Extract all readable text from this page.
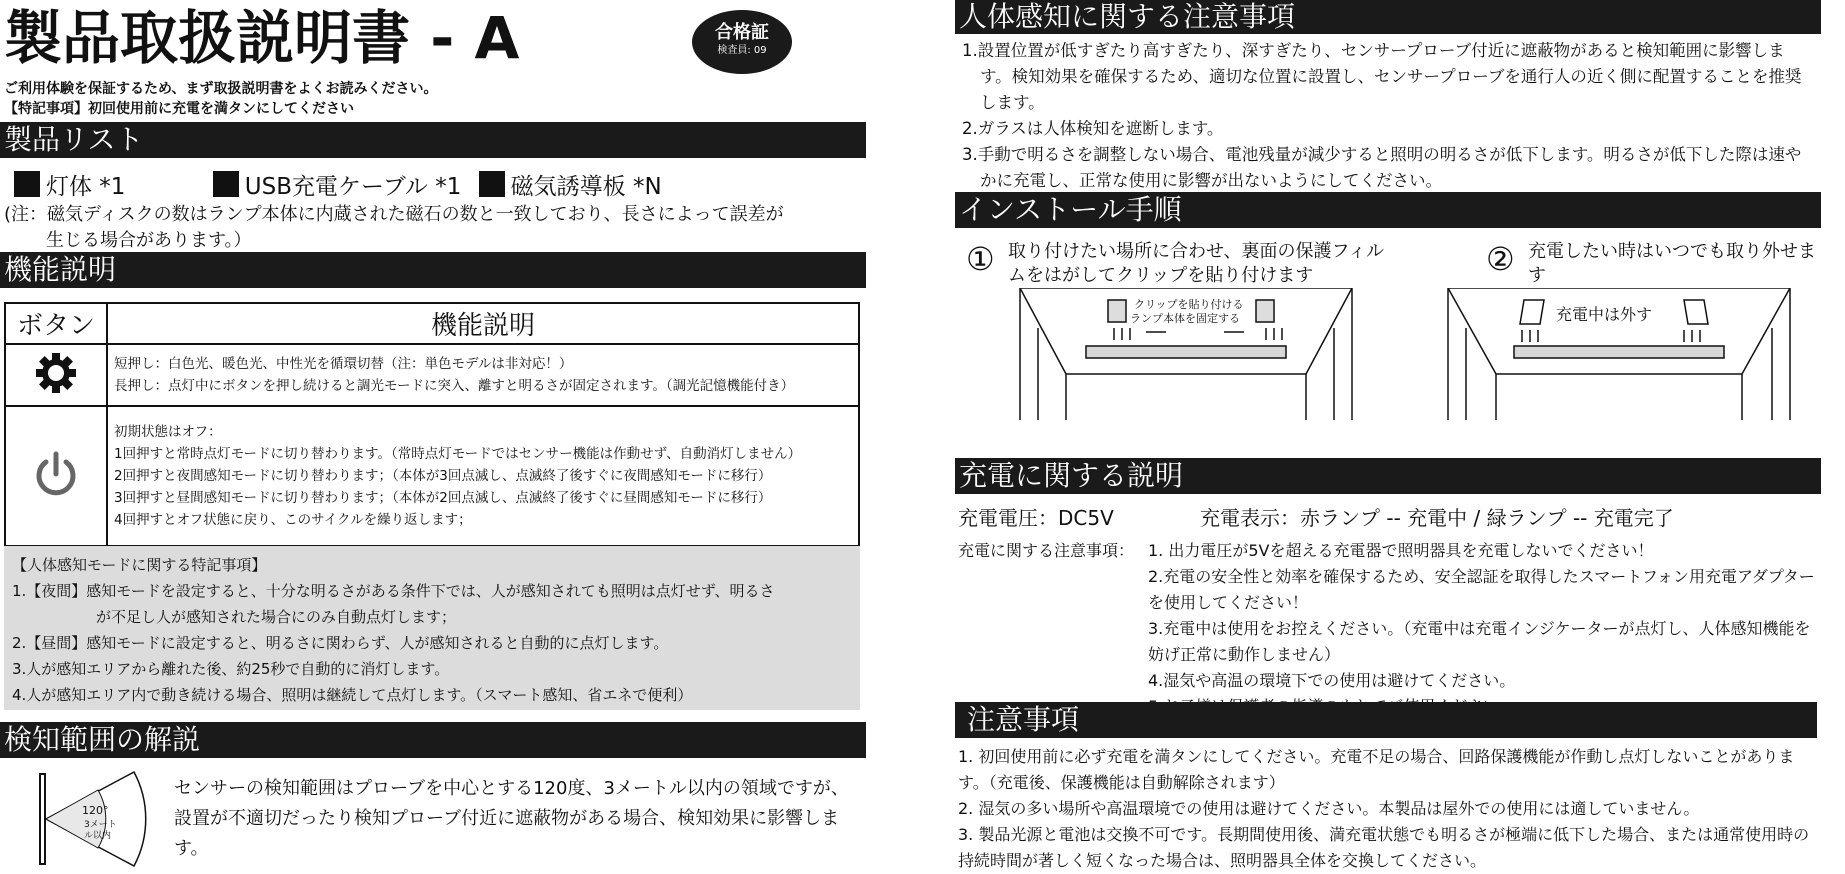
製品取扱説明書 - A	合格証
検査員: 09
ご利用体験を保証するため、まず取扱説明書をよくお読みください。
【特記事項】初回使用前に充電を満タンにしてください
製品リスト
灯体 *1	USB充電ケーブル *1 磁気誘導板 *N
(注：磁気ディスクの数はランプ本体に内蔵された磁石の数と一致しており、長さによって誤差が
生じる場合があります。）
機能説明
ボタン	機能説明

短押し：白色光、暖色光、中性光を循環切替（注：単色モデルは非対応！）
長押し：点灯中にボタンを押し続けると調光モードに突入、離すと明るさが固定されます。（調光記憶機能付き）

初期状態はオフ：
1回押すと常時点灯モードに切り替わります。（常時点灯モードではセンサー機能は作動せず、自動消灯しません）
2回押すと夜間感知モードに切り替わります；（本体が3回点滅し、点滅終了後すぐに夜間感知モードに移行）
3回押すと昼間感知モードに切り替わります；（本体が2回点滅し、点滅終了後すぐに昼間感知モードに移行）
4回押すとオフ状態に戻り、このサイクルを繰り返します；
【人体感知モードに関する特記事項】
1.【夜間】感知モードを設定すると、十分な明るさがある条件下では、人が感知されても照明は点灯せず、明るさ
が不足し人が感知された場合にのみ自動点灯します；
2.【昼間】感知モードに設定すると、明るさに関わらず、人が感知されると自動的に点灯します。
3.人が感知エリアから離れた後、約25秒で自動的に消灯します。
4.人が感知エリア内で動き続ける場合、照明は継続して点灯します。（スマート感知、省エネで便利）
検知範囲の解説
120°
3メートル以内
センサーの検知範囲はプローブを中心とする120度、3メートル以内の領域ですが、設置が不適切だったり検知プローブ付近に遮蔽物がある場合、検知効果に影響します。
人体感知に関する注意事項
1.設置位置が低すぎたり高すぎたり、深すぎたり、センサープローブ付近に遮蔽物があると検知範囲に影響します。検知効果を確保するため、適切な位置に設置し、センサープローブを通行人の近く側に配置することを推奨します。
2.ガラスは人体検知を遮断します。
3.手動で明るさを調整しない場合、電池残量が減少すると照明の明るさが低下します。明るさが低下した際は速やかに充電し、正常な使用に影響が出ないようにしてください。
インストール手順
① 取り付けたい場所に合わせ、裏面の保護フィルムをはがしてクリップを貼り付けます
クリップを貼り付ける
ランプ本体を固定する
② 充電したい時はいつでも取り外せます
充電中は外す
充電に関する説明
充電電圧：DC5V	充電表示：赤ランプ -- 充電中 / 緑ランプ -- 充電完了
充電に関する注意事項： 1. 出力電圧が5Vを超える充電器で照明器具を充電しないでください！
2.充電の安全性と効率を確保するため、安全認証を取得したスマートフォン用充電アダプターを使用してください！
3.充電中は使用をお控えください。（充電中は充電インジケーターが点灯し、人体感知機能を妨げ正常に動作しません）
4.湿気や高温の環境下での使用は避けてください。
注意事項
1. 初回使用前に必ず充電を満タンにしてください。充電不足の場合、回路保護機能が作動し点灯しないことがあります。（充電後、保護機能は自動解除されます）
2. 湿気の多い場所や高温環境での使用は避けてください。本製品は屋外での使用には適していません。
3. 製品光源と電池は交換不可です。長期間使用後、満充電状態でも明るさが極端に低下した場合、または通常使用時の持続時間が著しく短くなった場合は、照明器具全体を交換してください。
